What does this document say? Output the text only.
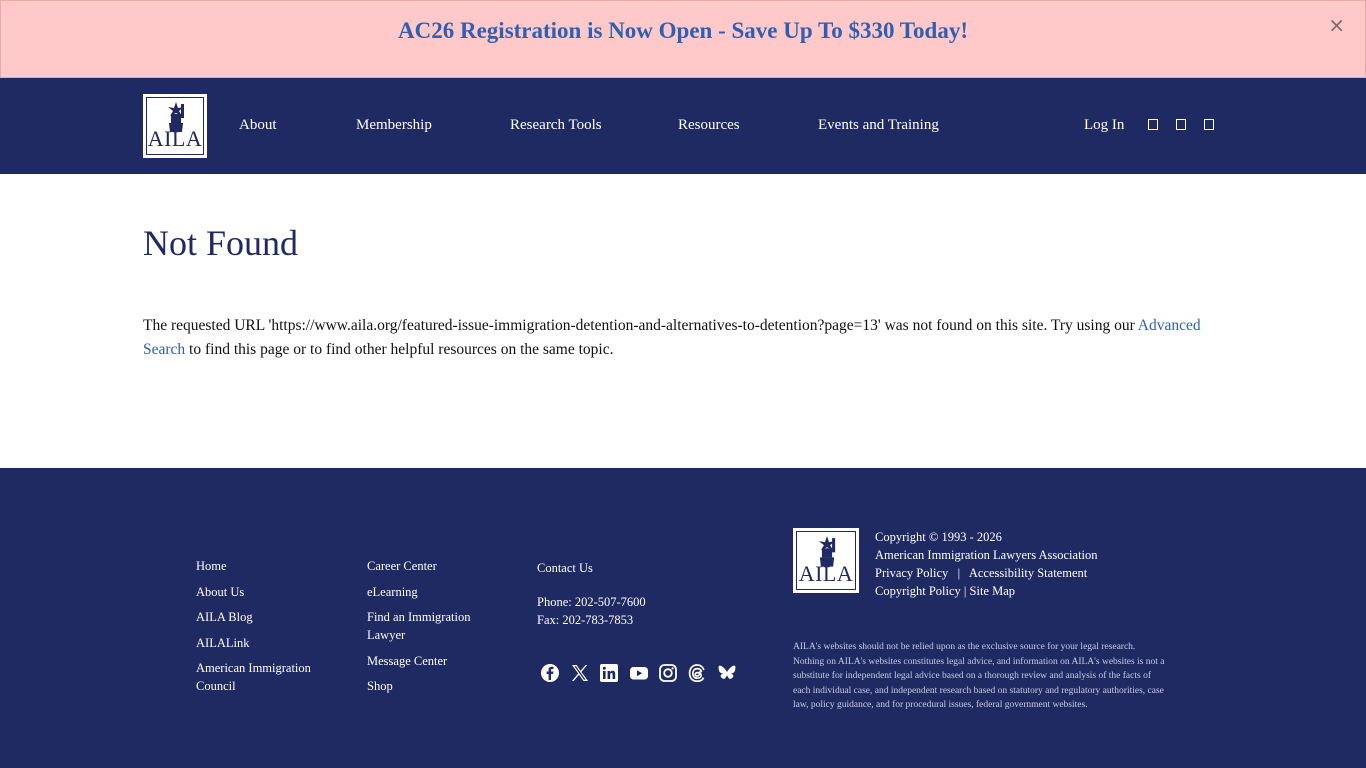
AC26 Registration is Now Open - Save Up To $330 Today!	×
AILA
About	Membership	Research Tools	Resources	Events and Training	Log In
Not Found

The requested URL 'https://www.aila.org/featured-issue-immigration-detention-and-alternatives-to-detention?page=13' was not found on this site. Try using our Advanced Search to find this page or to find other helpful resources on the same topic.

Home
About Us
AILA Blog
AILALink
American Immigration Council
Career Center
eLearning
Find an Immigration Lawyer
Message Center
Shop
Contact Us
Phone: 202-507-7600
Fax: 202-783-7853
AILA
Copyright © 1993 - 2026
American Immigration Lawyers Association
Privacy Policy | Accessibility Statement
Copyright Policy | Site Map
AILA's websites should not be relied upon as the exclusive source for your legal research. Nothing on AILA's websites constitutes legal advice, and information on AILA's websites is not a substitute for independent legal advice based on a thorough review and analysis of the facts of each individual case, and independent research based on statutory and regulatory authorities, case law, policy guidance, and for procedural issues, federal government websites.
